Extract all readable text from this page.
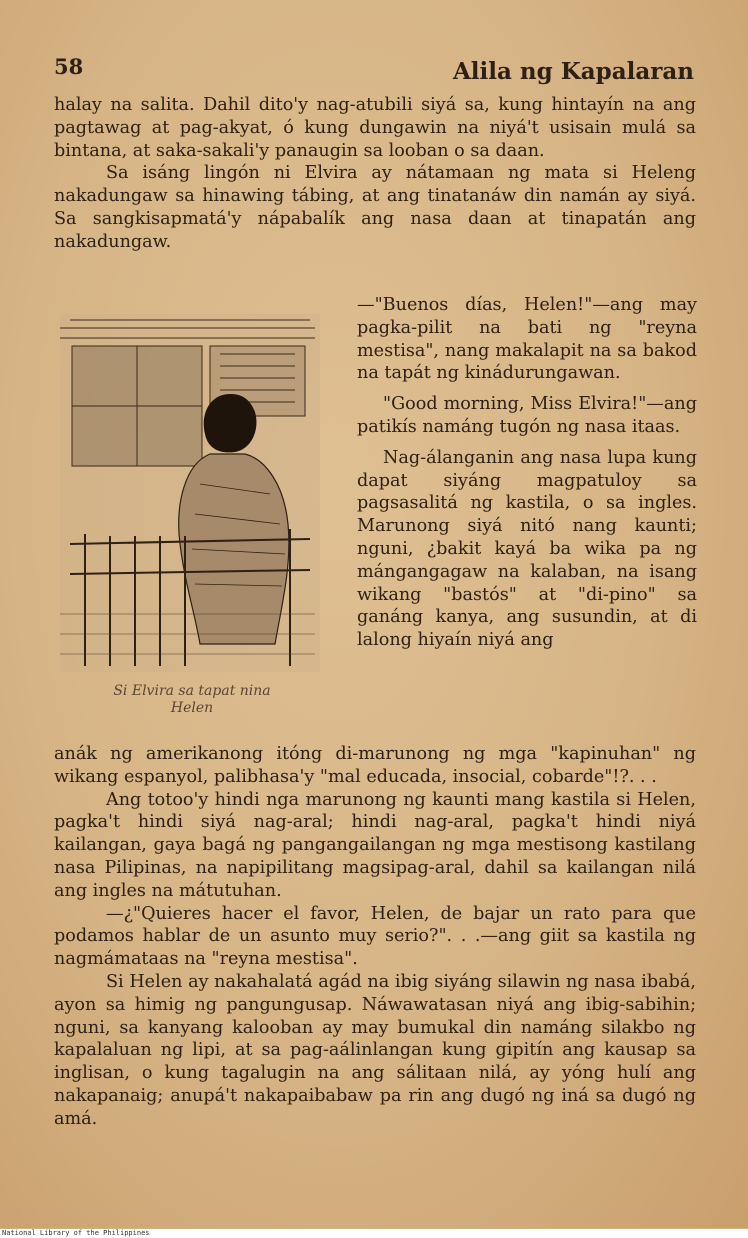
58	Alila ng Kapalaran

halay na salita. Dahil dito'y nag-atubili siyá sa, kung hintayín na ang pagtawag at pag-akyat, ó kung dungawin na niyá't usisain mulá sa bintana, at saka-sakali'y panaugin sa looban o sa daan.

Sa isáng lingón ni Elvira ay nátamaan ng mata si Heleng nakadungaw sa hinawing tábing, at ang tinatanáw din namán ay siyá. Sa sangkisapmatá'y nápabalík ang nasa daan at tinapatán ang nakadungaw.

Si Elvira sa tapat nina
Helen

—"Buenos días, Helen!"—ang may pagka-pilit na bati ng "reyna mestisa", nang makalapit na sa bakod na tapát ng kinádurungawan.

"Good morning, Miss Elvira!"—ang patikís namáng tugón ng nasa itaas.

Nag-álanganin ang nasa lupa kung dapat siyáng magpatuloy sa pagsasalitá ng kastila, o sa ingles. Marunong siyá nitó nang kaunti; nguni, ¿bakit kayá ba wika pa ng mángangagaw na kalaban, na isang wikang "bastós" at "di-pino" sa ganáng kanya, ang susundin, at di lalong hiyaín niyá ang

anák ng amerikanong itóng di-marunong ng mga "kapinuhan" ng wikang espanyol, palibhasa'y "mal educada, insocial, cobarde"!?. . .

Ang totoo'y hindi nga marunong ng kaunti mang kastila si Helen, pagka't hindi siyá nag-aral; hindi nag-aral, pagka't hindi niyá kailangan, gaya bagá ng pangangailangan ng mga mestisong kastilang nasa Pilipinas, na napipilitang magsipag-aral, dahil sa kailangan nilá ang ingles na mátutuhan.

—¿"Quieres hacer el favor, Helen, de bajar un rato para que podamos hablar de un asunto muy serio?". . .—ang giit sa kastila ng nagmámataas na "reyna mestisa".

Si Helen ay nakahalatá agád na ibig siyáng silawin ng nasa ibabá, ayon sa himig ng pangungusap. Náwawatasan niyá ang ibig-sabihin; nguni, sa kanyang kalooban ay may bumukal din namáng silakbo ng kapalaluan ng lipi, at sa pag-aálinlangan kung gipitín ang kausap sa inglisan, o kung tagalugin na ang sálitaan nilá, ay yóng hulí ang nakapanaig; anupá't nakapaibabaw pa rin ang dugó ng iná sa dugó ng amá.

National Library of the Philippines
